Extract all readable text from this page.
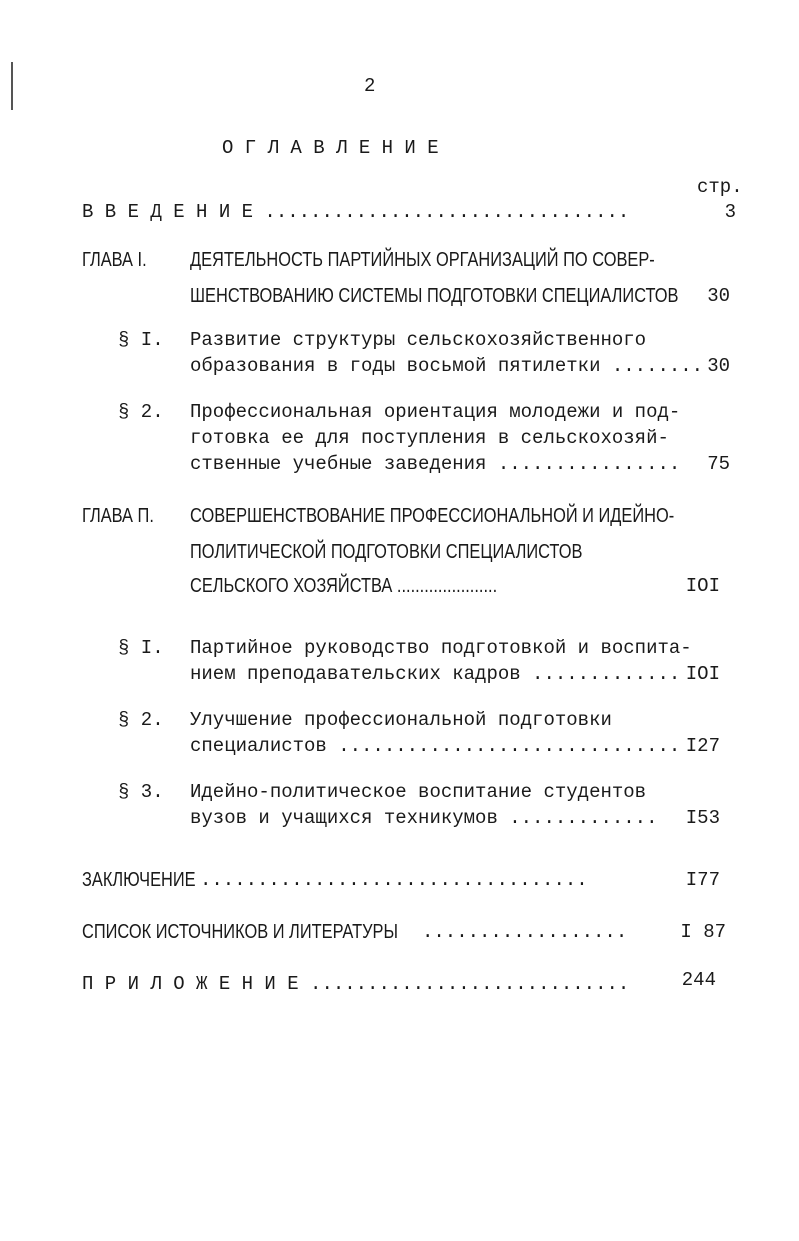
2
О Г Л А В Л Е Н И Е
стр.
В В Е Д Е Н И Е ................................	3
ГЛАВА I. ДЕЯТЕЛЬНОСТЬ ПАРТИЙНЫХ ОРГАНИЗАЦИЙ ПО СОВЕР-
ШЕНСТВОВАНИЮ СИСТЕМЫ ПОДГОТОВКИ СПЕЦИАЛИСТОВ	30
§ I. Развитие структуры сельскохозяйственного
образования в годы восьмой пятилетки ........ 30
§ 2. Профессиональная ориентация молодежи и под-
готовка ее для поступления в сельскохозяй-
ственные учебные заведения ................	75
ГЛАВА П. СОВЕРШЕНСТВОВАНИЕ ПРОФЕССИОНАЛЬНОЙ И ИДЕЙНО-
ПОЛИТИЧЕСКОЙ ПОДГОТОВКИ СПЕЦИАЛИСТОВ
СЕЛЬСКОГО ХОЗЯЙСТВА ......................	IOI
§ I. Партийное руководство подготовкой и воспита-
нием преподавательских кадров ............. IOI
§ 2. Улучшение профессиональной подготовки
специалистов .............................. I27
§ 3. Идейно-политическое воспитание студентов
вузов и учащихся техникумов .............	I53
ЗАКЛЮЧЕНИЕ ..................................	I77
СПИСОК ИСТОЧНИКОВ И ЛИТЕРАТУРЫ ..................	I 87
П Р И Л О Ж Е Н И Е ............................	244
